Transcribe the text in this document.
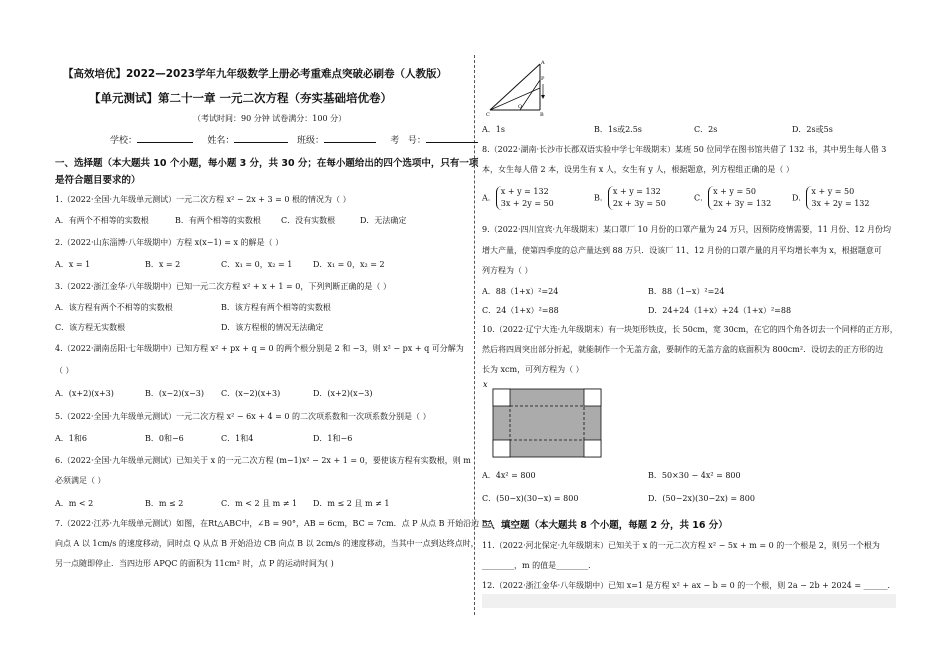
【高效培优】2022—2023学年九年级数学上册必考重难点突破必刷卷（人教版）
【单元测试】第二十一章 一元二次方程（夯实基础培优卷）
（考试时间：90 分钟 试卷满分：100 分）
学校：	姓名：	班级：	考 号：
一、选择题（本大题共 10 个小题，每小题 3 分，共 30 分；在每小题给出的四个选项中，只有一项
是符合题目要求的）
1.（2022·全国·九年级单元测试）一元二次方程 x² − 2x + 3 = 0 根的情况为（ ）
A．有两个不相等的实数根	B．有两个相等的实数根	C．没有实数根	D．无法确定
2.（2022·山东淄博·八年级期中）方程 x(x−1) = x 的解是（ ）
A．x = 1	B．x = 2	C．x₁ = 0，x₂ = 1	D．x₁ = 0，x₂ = 2
3.（2022·浙江金华·八年级期中）已知一元二次方程 x² + x + 1 = 0，下列判断正确的是（ ）
A．该方程有两个不相等的实数根	B．该方程有两个相等的实数根
C．该方程无实数根	D．该方程根的情况无法确定
4.（2022·湖南岳阳·七年级期中）已知方程 x² + px + q = 0 的两个根分别是 2 和 −3，则 x² − px + q 可分解为
（ ）
A．(x+2)(x+3)	B．(x−2)(x−3) C．(x−2)(x+3)	D．(x+2)(x−3)
5.（2022·全国·九年级单元测试）一元二次方程 x² − 6x + 4 = 0 的二次项系数和一次项系数分别是（ ）
A．1和6	B．0和−6	C．1和4	D．1和−6
6.（2022·全国·九年级单元测试）已知关于 x 的一元二次方程 (m−1)x² − 2x + 1 = 0，要使该方程有实数根，则 m
必须满足（ ）
A．m < 2	B．m ≤ 2	C．m < 2 且 m ≠ 1 D．m ≤ 2 且 m ≠ 1
7.（2022·江苏·九年级单元测试）如图，在Rt△ABC中，∠B = 90°，AB = 6cm，BC = 7cm．点 P 从点 B 开始沿边 BA
向点 A 以 1cm/s 的速度移动，同时点 Q 从点 B 开始沿边 CB 向点 B 以 2cm/s 的速度移动，当其中一点到达终点时，
另一点随即停止．当四边形 APQC 的面积为 11cm² 时，点 P 的运动时间为( )
A
B
C
P
Q
A．1s	B．1s或2.5s	C．2s	D．2s或5s
8.（2022·湖南·长沙市长郡双语实验中学七年级期末）某班 50 位同学在图书馆共借了 132 书，其中男生每人借 3
本，女生每人借 2 本，设男生有 x 人，女生有 y 人，根据题意，列方程组正确的是（ ）
A．x + y = 132
3x + 2y = 50
B．x + y = 132
2x + 3y = 50
C．x + y = 50
2x + 3y = 132
D．x + y = 50
3x + 2y = 132
9.（2022·四川宜宾·九年级期末）某口罩厂 10 月份的口罩产量为 24 万只，因预防疫情需要，11 月份、12 月份均
增大产量，使第四季度的总产量达到 88 万只．设该厂 11、12 月份的口罩产量的月平均增长率为 x，根据题意可
列方程为（ ）
A．88（1+x）²=24	B．88（1−x）²=24
C．24（1+x）²=88	D．24+24（1+x）+24（1+x）²=88
10.（2022·辽宁大连·九年级期末）有一块矩形铁皮，长 50cm，宽 30cm，在它的四个角各切去一个同样的正方形，
然后将四周突出部分折起，就能制作一个无盖方盒，要制作的无盖方盒的底面积为 800cm²．设切去的正方形的边
长为 xcm，可列方程为（ ）
x
A．4x² = 800	B．50×30 − 4x² = 800
C．(50−x)(30−x) = 800	D．(50−2x)(30−2x) = 800
二、填空题（本大题共 8 个小题，每题 2 分，共 16 分）
11.（2022·河北保定·九年级期末）已知关于 x 的一元二次方程 x² − 5x + m = 0 的一个根是 2，则另一个根为
________，m 的值是________．
12.（2022·浙江金华·八年级期中）已知 x=1 是方程 x² + ax − b = 0 的一个根，则 2a − 2b + 2024 = ______．
